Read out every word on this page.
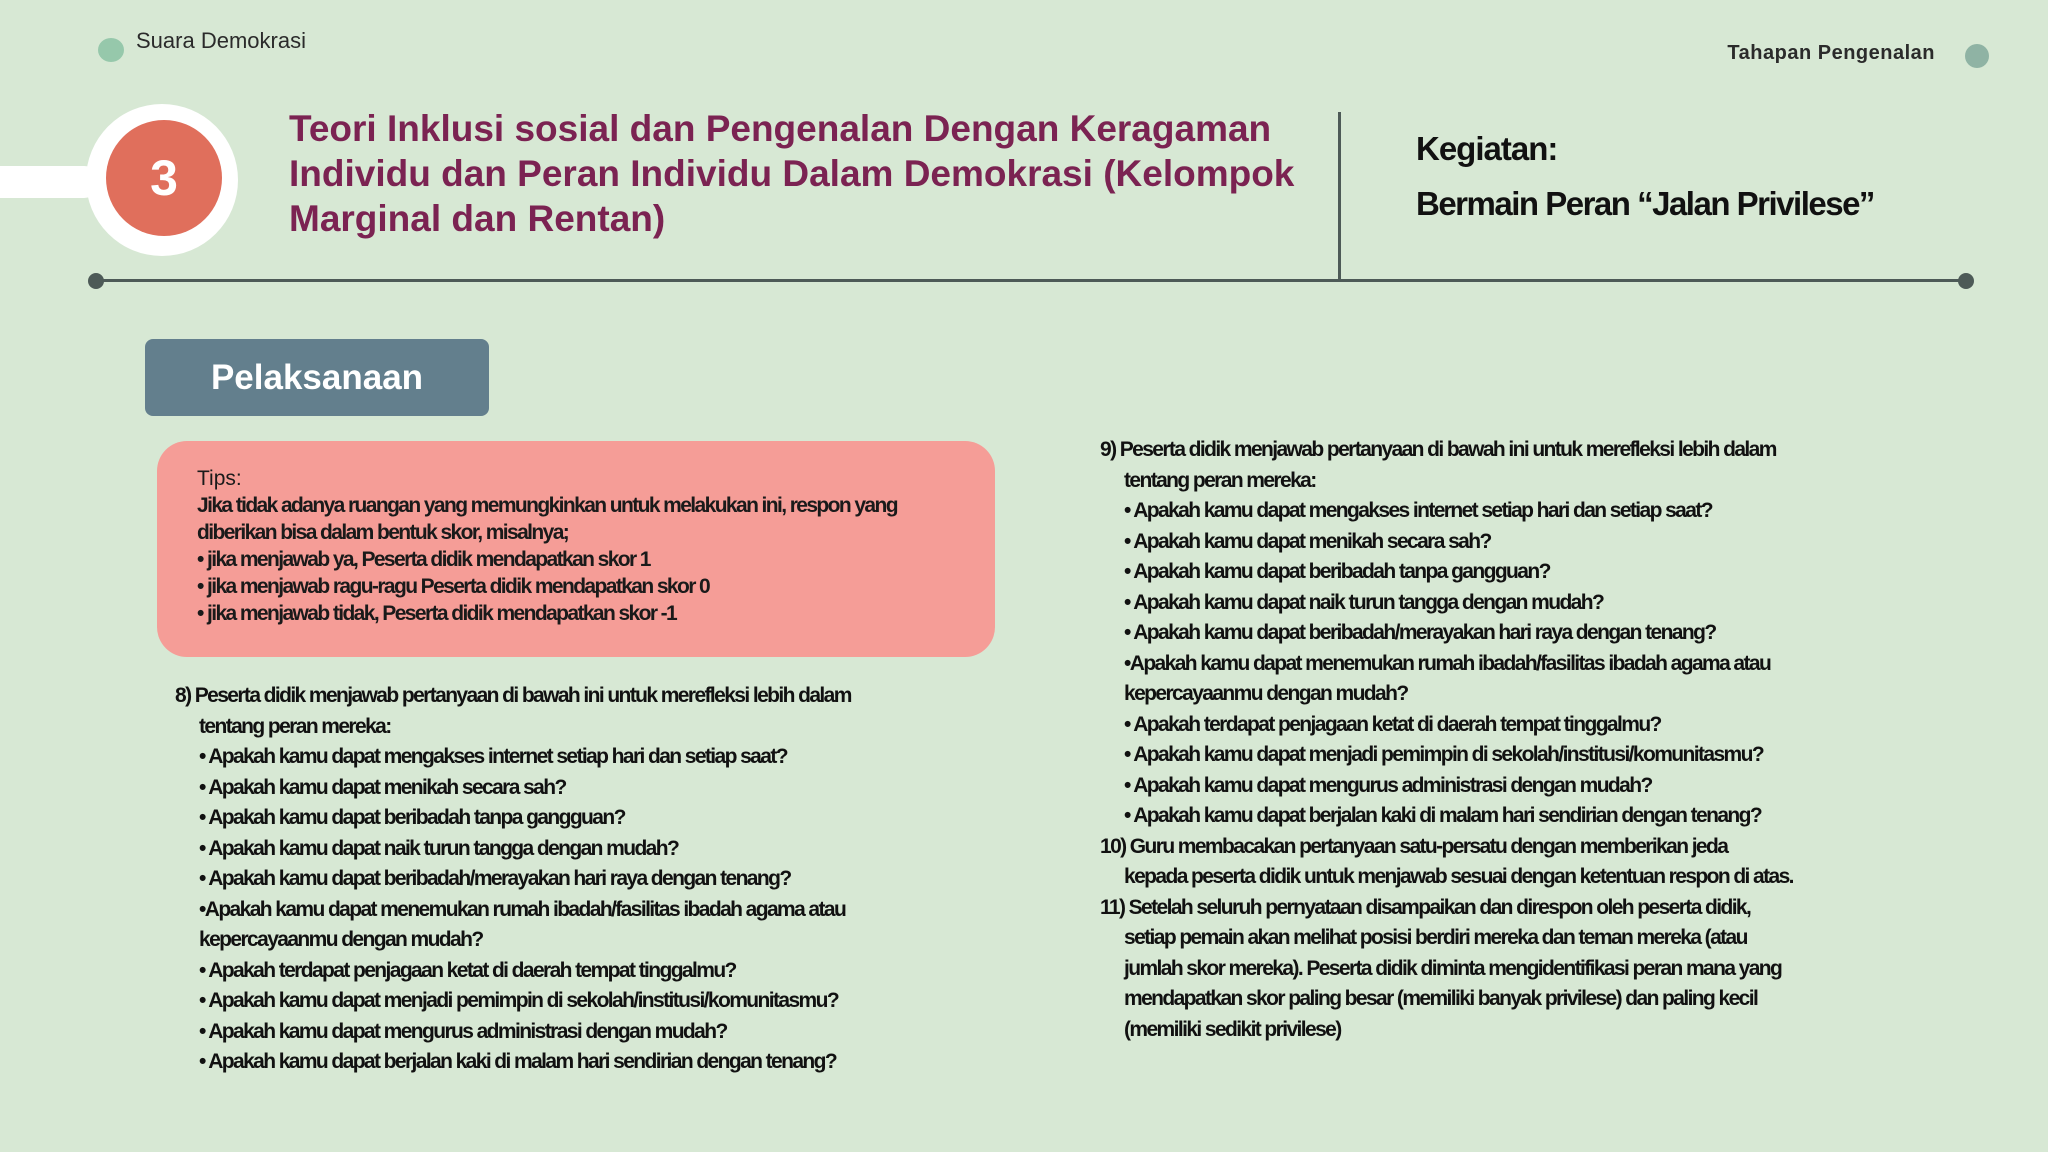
Suara Demokrasi	Tahapan Pengenalan
3
Teori Inklusi sosial dan Pengenalan Dengan Keragaman Individu dan Peran Individu Dalam Demokrasi (Kelompok Marginal dan Rentan)
Kegiatan:
Bermain Peran “Jalan Privilese”
Pelaksanaan
Tips:
Jika tidak adanya ruangan yang memungkinkan untuk melakukan ini, respon yang diberikan bisa dalam bentuk skor, misalnya;
• jika menjawab ya, Peserta didik mendapatkan skor 1
• jika menjawab ragu-ragu Peserta didik mendapatkan skor 0
• jika menjawab tidak, Peserta didik mendapatkan skor -1
8) Peserta didik menjawab pertanyaan di bawah ini untuk merefleksi lebih dalam
tentang peran mereka:
• Apakah kamu dapat mengakses internet setiap hari dan setiap saat?
• Apakah kamu dapat menikah secara sah?
• Apakah kamu dapat beribadah tanpa gangguan?
• Apakah kamu dapat naik turun tangga dengan mudah?
• Apakah kamu dapat beribadah/merayakan hari raya dengan tenang?
•Apakah kamu dapat menemukan rumah ibadah/fasilitas ibadah agama atau
kepercayaanmu dengan mudah?
• Apakah terdapat penjagaan ketat di daerah tempat tinggalmu?
• Apakah kamu dapat menjadi pemimpin di sekolah/institusi/komunitasmu?
• Apakah kamu dapat mengurus administrasi dengan mudah?
• Apakah kamu dapat berjalan kaki di malam hari sendirian dengan tenang?
9) Peserta didik menjawab pertanyaan di bawah ini untuk merefleksi lebih dalam
tentang peran mereka:
• Apakah kamu dapat mengakses internet setiap hari dan setiap saat?
• Apakah kamu dapat menikah secara sah?
• Apakah kamu dapat beribadah tanpa gangguan?
• Apakah kamu dapat naik turun tangga dengan mudah?
• Apakah kamu dapat beribadah/merayakan hari raya dengan tenang?
•Apakah kamu dapat menemukan rumah ibadah/fasilitas ibadah agama atau
kepercayaanmu dengan mudah?
• Apakah terdapat penjagaan ketat di daerah tempat tinggalmu?
• Apakah kamu dapat menjadi pemimpin di sekolah/institusi/komunitasmu?
• Apakah kamu dapat mengurus administrasi dengan mudah?
• Apakah kamu dapat berjalan kaki di malam hari sendirian dengan tenang?
10) Guru membacakan pertanyaan satu-persatu dengan memberikan jeda
kepada peserta didik untuk menjawab sesuai dengan ketentuan respon di atas.
11) Setelah seluruh pernyataan disampaikan dan direspon oleh peserta didik,
setiap pemain akan melihat posisi berdiri mereka dan teman mereka (atau
jumlah skor mereka). Peserta didik diminta mengidentifikasi peran mana yang
mendapatkan skor paling besar (memiliki banyak privilese) dan paling kecil
(memiliki sedikit privilese)
